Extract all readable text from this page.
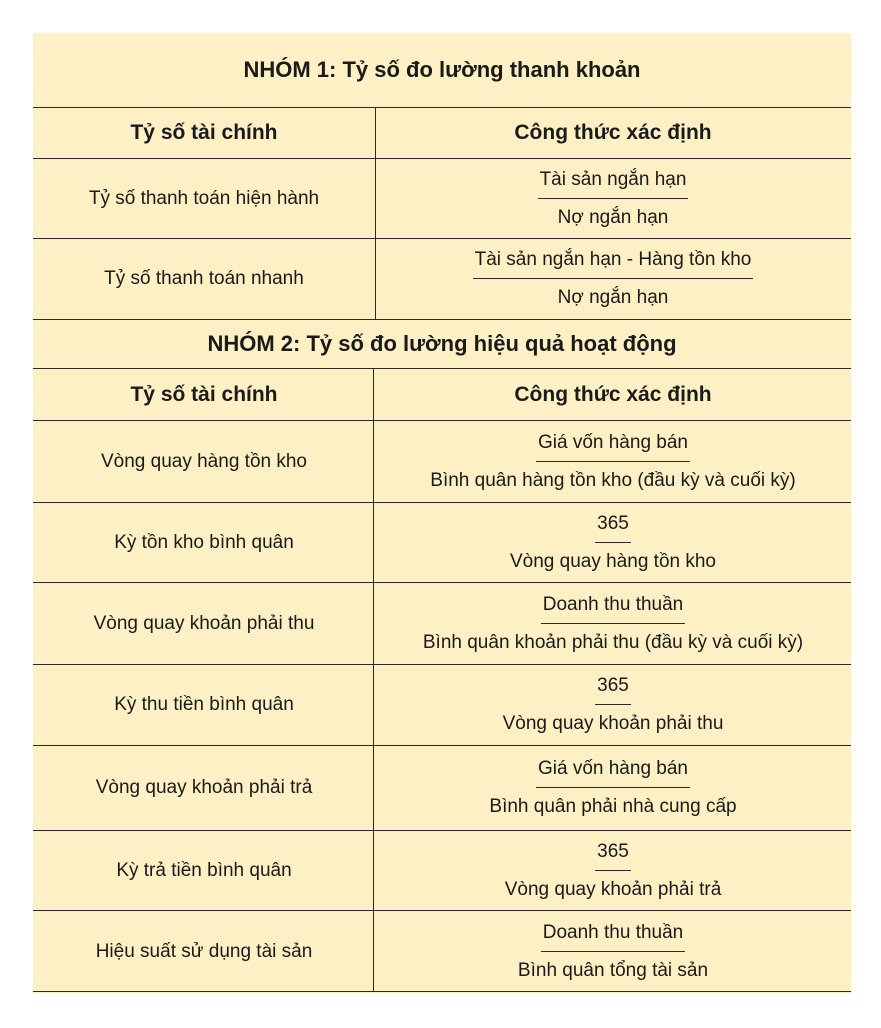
NHÓM 1: Tỷ số đo lường thanh khoản
Tỷ số tài chính	Công thức xác định
Tỷ số thanh toán hiện hành	$\frac{\text{Tài sản ngắn hạn}}{\text{Nợ ngắn hạn}}$
Tỷ số thanh toán nhanh	$\frac{\text{Tài sản ngắn hạn - Hàng tồn kho}}{\text{Nợ ngắn hạn}}$
NHÓM 2: Tỷ số đo lường hiệu quả hoạt động
Tỷ số tài chính	Công thức xác định
Vòng quay hàng tồn kho	$\frac{\text{Giá vốn hàng bán}}{\text{Bình quân hàng tồn kho (đầu kỳ và cuối kỳ)}}$
Kỳ tồn kho bình quân	$\frac{365}{\text{Vòng quay hàng tồn kho}}$
Vòng quay khoản phải thu	$\frac{\text{Doanh thu thuần}}{\text{Bình quân khoản phải thu (đầu kỳ và cuối kỳ)}}$
Kỳ thu tiền bình quân	$\frac{365}{\text{Vòng quay khoản phải thu}}$
Vòng quay khoản phải trả	$\frac{\text{Giá vốn hàng bán}}{\text{Bình quân phải nhà cung cấp}}$
Kỳ trả tiền bình quân	$\frac{365}{\text{Vòng quay khoản phải trả}}$
Hiệu suất sử dụng tài sản	$\frac{\text{Doanh thu thuần}}{\text{Bình quân tổng tài sản}}$
